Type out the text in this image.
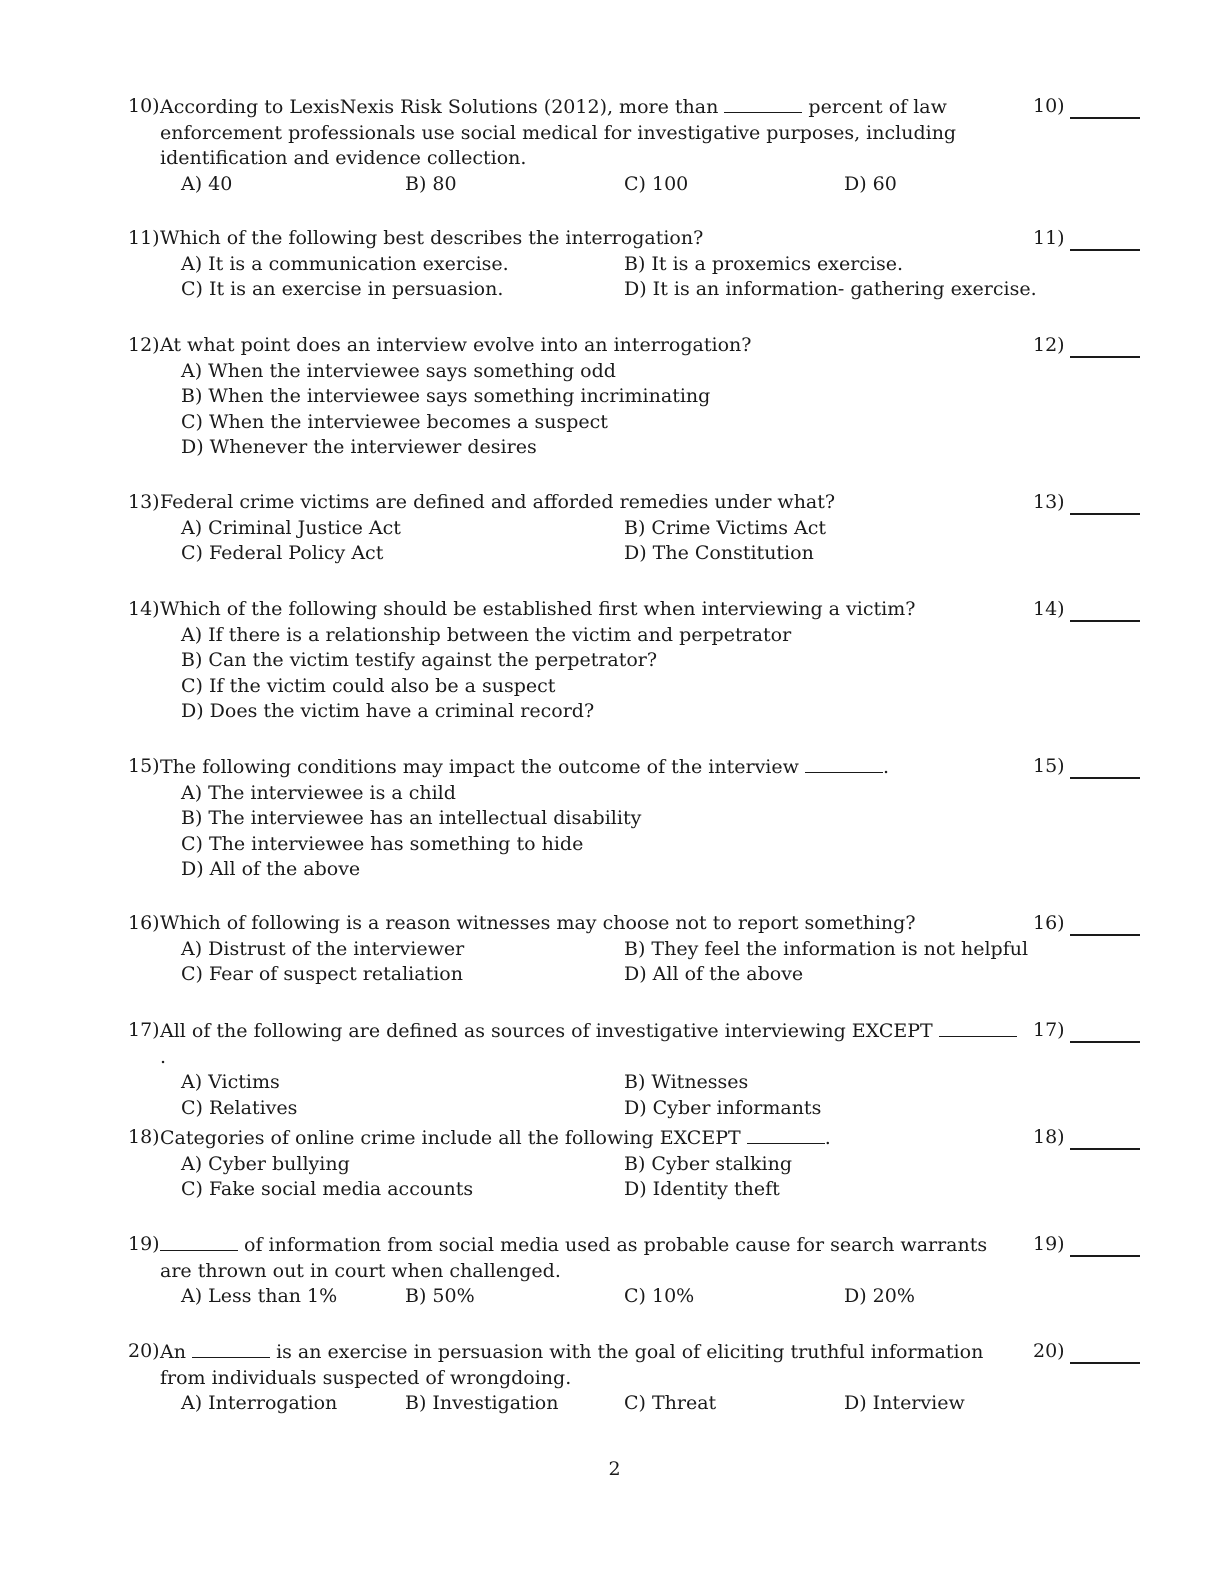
10) According to LexisNexis Risk Solutions (2012), more than	percent of law enforcement professionals use social medical for investigative purposes, including identification and evidence collection.
A) 40	B) 80	C) 100	D) 60
10)
11) Which of the following best describes the interrogation?
A) It is a communication exercise.	B) It is a proxemics exercise.
C) It is an exercise in persuasion.	D) It is an information- gathering exercise.
11)
12) At what point does an interview evolve into an interrogation?
A) When the interviewee says something odd
B) When the interviewee says something incriminating
C) When the interviewee becomes a suspect
D) Whenever the interviewer desires
12)
13) Federal crime victims are defined and afforded remedies under what?
A) Criminal Justice Act	B) Crime Victims Act
C) Federal Policy Act	D) The Constitution
13)
14) Which of the following should be established first when interviewing a victim?
A) If there is a relationship between the victim and perpetrator
B) Can the victim testify against the perpetrator?
C) If the victim could also be a suspect
D) Does the victim have a criminal record?
14)
15) The following conditions may impact the outcome of the interview	.
A) The interviewee is a child
B) The interviewee has an intellectual disability
C) The interviewee has something to hide
D) All of the above
15)
16) Which of following is a reason witnesses may choose not to report something?
A) Distrust of the interviewer	B) They feel the information is not helpful
C) Fear of suspect retaliation	D) All of the above
16)
17) All of the following are defined as sources of investigative interviewing EXCEPT .
A) Victims	B) Witnesses
C) Relatives	D) Cyber informants
17)
18) Categories of online crime include all the following EXCEPT	.
A) Cyber bullying	B) Cyber stalking
C) Fake social media accounts	D) Identity theft
18)
19)	of information from social media used as probable cause for search warrants are thrown out in court when challenged.
A) Less than 1%	B) 50%	C) 10%	D) 20%
19)
20) An	is an exercise in persuasion with the goal of eliciting truthful information from individuals suspected of wrongdoing.
A) Interrogation	B) Investigation	C) Threat	D) Interview
20)
2
